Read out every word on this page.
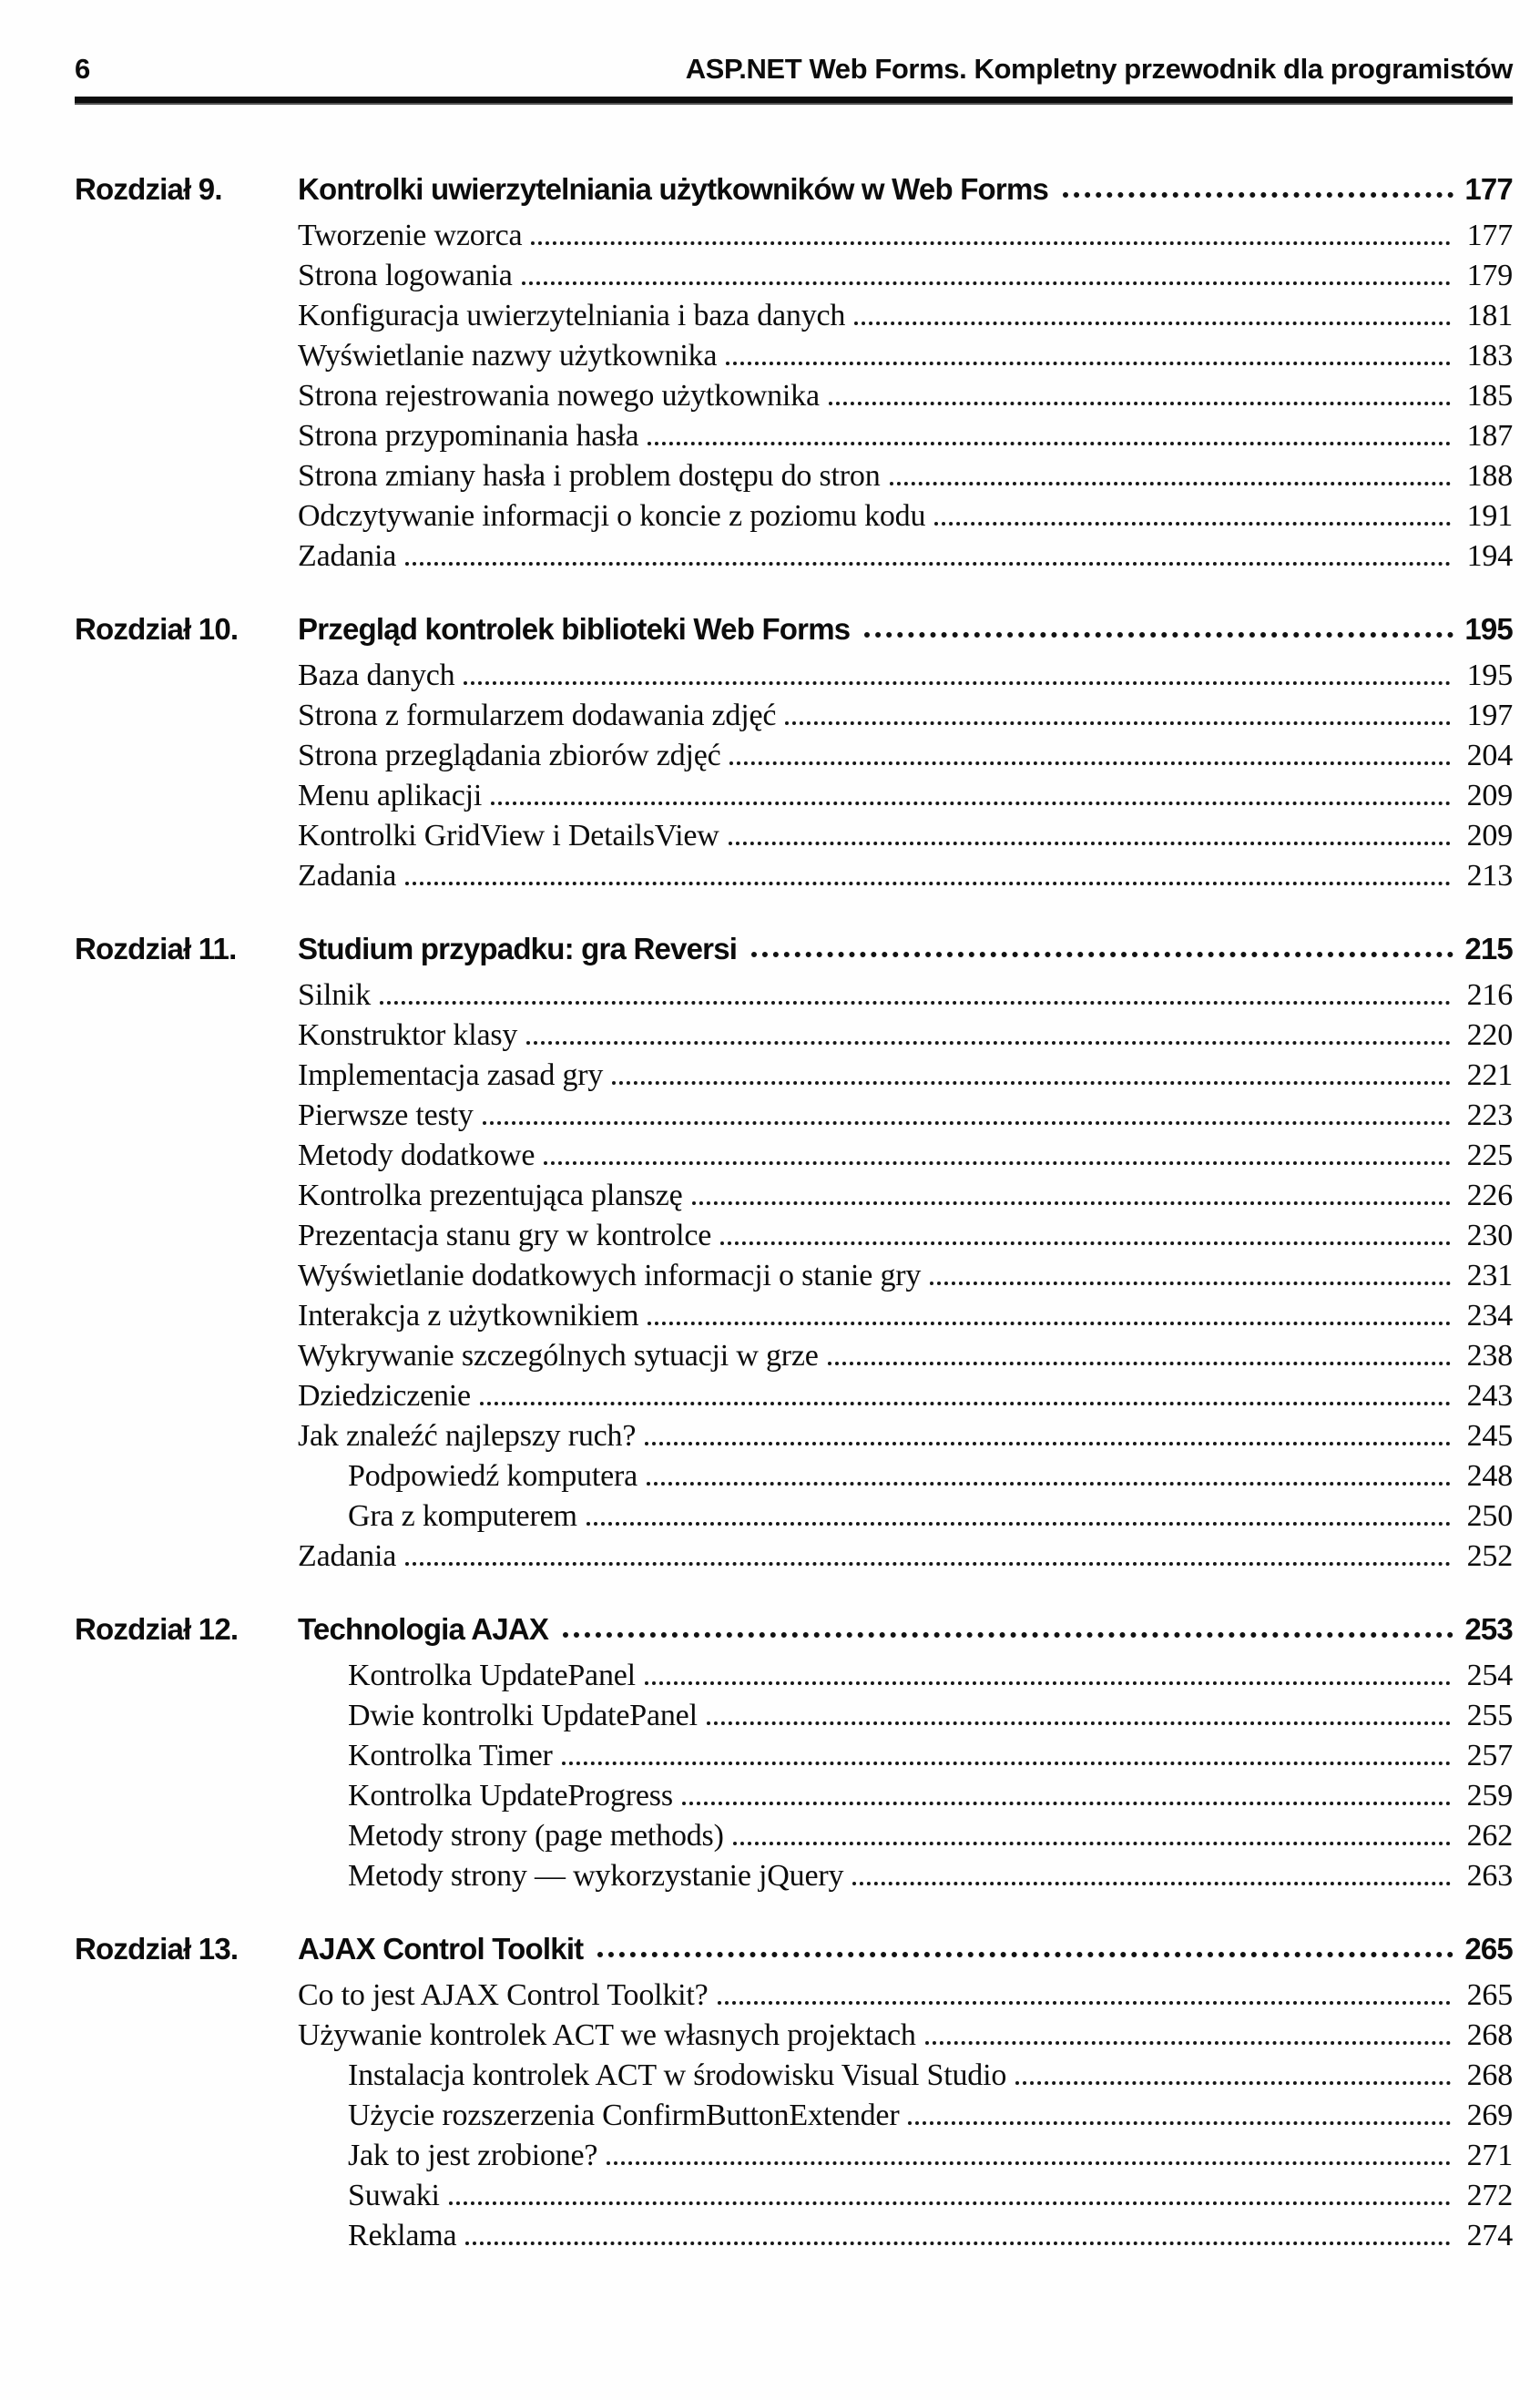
6	ASP.NET Web Forms. Kompletny przewodnik dla programistów
Rozdział 9.	Kontrolki uwierzytelniania użytkowników w Web Forms	177
Tworzenie wzorca	177
Strona logowania	179
Konfiguracja uwierzytelniania i baza danych	181
Wyświetlanie nazwy użytkownika	183
Strona rejestrowania nowego użytkownika	185
Strona przypominania hasła	187
Strona zmiany hasła i problem dostępu do stron	188
Odczytywanie informacji o koncie z poziomu kodu	191
Zadania	194
Rozdział 10.	Przegląd kontrolek biblioteki Web Forms	195
Baza danych	195
Strona z formularzem dodawania zdjęć	197
Strona przeglądania zbiorów zdjęć	204
Menu aplikacji	209
Kontrolki GridView i DetailsView	209
Zadania	213
Rozdział 11.	Studium przypadku: gra Reversi	215
Silnik	216
Konstruktor klasy	220
Implementacja zasad gry	221
Pierwsze testy	223
Metody dodatkowe	225
Kontrolka prezentująca planszę	226
Prezentacja stanu gry w kontrolce	230
Wyświetlanie dodatkowych informacji o stanie gry	231
Interakcja z użytkownikiem	234
Wykrywanie szczególnych sytuacji w grze	238
Dziedziczenie	243
Jak znaleźć najlepszy ruch?	245
Podpowiedź komputera	248
Gra z komputerem	250
Zadania	252
Rozdział 12.	Technologia AJAX	253
Kontrolka UpdatePanel	254
Dwie kontrolki UpdatePanel	255
Kontrolka Timer	257
Kontrolka UpdateProgress	259
Metody strony (page methods)	262
Metody strony — wykorzystanie jQuery	263
Rozdział 13.	AJAX Control Toolkit	265
Co to jest AJAX Control Toolkit?	265
Używanie kontrolek ACT we własnych projektach	268
Instalacja kontrolek ACT w środowisku Visual Studio	268
Użycie rozszerzenia ConfirmButtonExtender	269
Jak to jest zrobione?	271
Suwaki	272
Reklama	274
